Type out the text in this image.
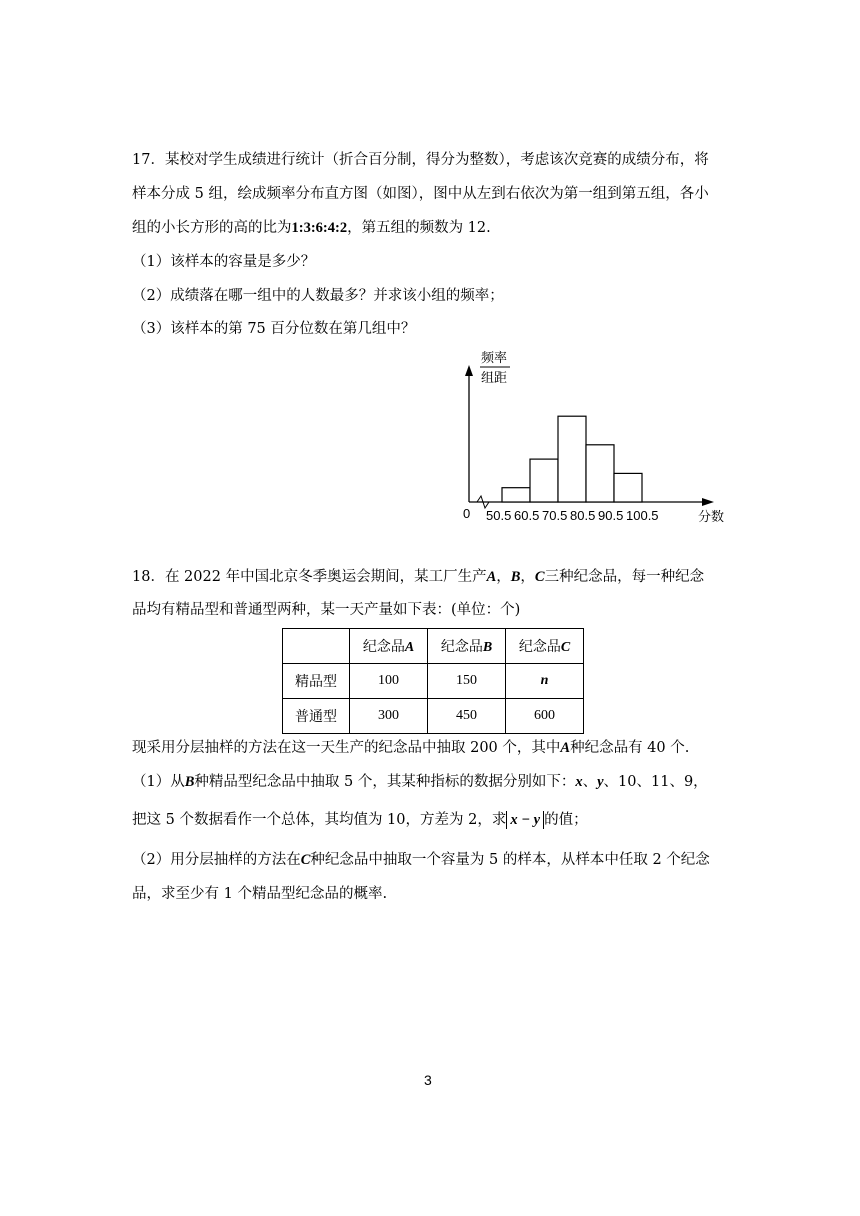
17．某校对学生成绩进行统计（折合百分制，得分为整数），考虑该次竞赛的成绩分布，将
样本分成 5 组，绘成频率分布直方图（如图），图中从左到右依次为第一组到第五组，各小
组的小长方形的高的比为1:3:6:4:2，第五组的频数为 12.
（1）该样本的容量是多少？
（2）成绩落在哪一组中的人数最多？并求该小组的频率；
（3）该样本的第 75 百分位数在第几组中？
频率
组距
0	分数
50.5 60.5 70.5 80.5 90.5 100.5
18．在 2022 年中国北京冬季奥运会期间，某工厂生产A，B，C三种纪念品，每一种纪念
品均有精品型和普通型两种，某一天产量如下表：(单位：个)
	纪念品A	纪念品B	纪念品C
精品型	100	150	n
普通型	300	450	600
现采用分层抽样的方法在这一天生产的纪念品中抽取 200 个，其中A种纪念品有 40 个.
（1）从B种精品型纪念品中抽取 5 个，其某种指标的数据分别如下：x、y、10、11、9，
把这 5 个数据看作一个总体，其均值为 10，方差为 2，求 x − y 的值；
（2）用分层抽样的方法在C种纪念品中抽取一个容量为 5 的样本，从样本中任取 2 个纪念
品，求至少有 1 个精品型纪念品的概率.
3
